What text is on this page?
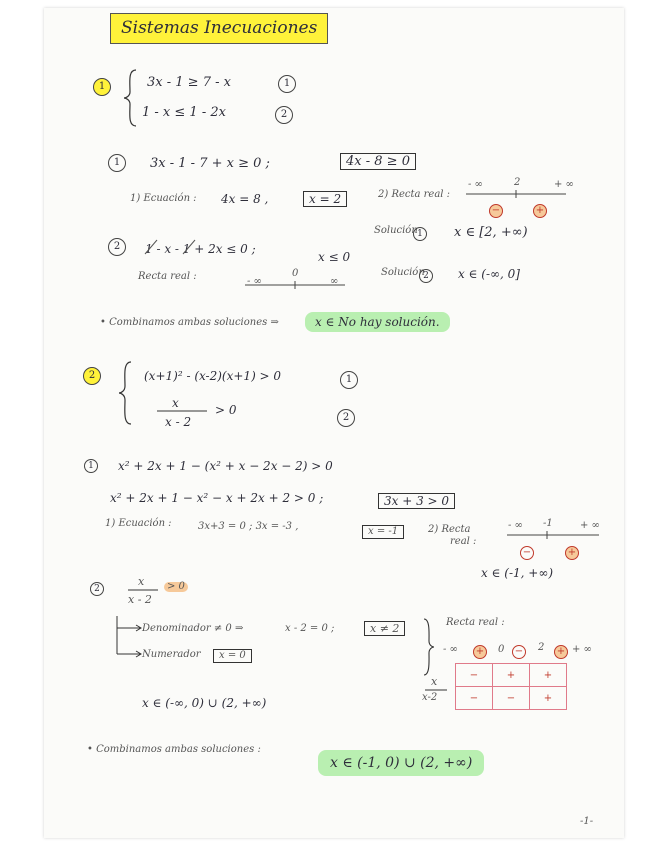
Sistemas Inecuaciones
1	3x - 1 ≥ 7 - x	1
1 - x ≤ 1 - 2x	2
1	3x - 1 - 7 + x ≥ 0 ;	4x - 8 ≥ 0
1) Ecuación : 4x = 8 ,	x = 2	2) Recta real :
- ∞	2	+ ∞
−	+
Solución 1	x ∈ [2, +∞)
2	1 - x - 1 + 2x ≤ 0 ;
x ≤ 0
Recta real :	- ∞
0
∞
Solución
2	x ∈ (-∞, 0]
• Combinamos ambas soluciones ⇒	x ∈ No hay solución.
2	(x+1)² - (x-2)(x+1) > 0	1
x
x - 2
> 0
2
1	x² + 2x + 1 − (x² + x − 2x − 2) > 0
x² + 2x + 1 − x² − x + 2x + 2 > 0 ;	3x + 3 > 0
1) Ecuación :	3x+3 = 0 ; 3x = -3 ,	x = -1	2) Recta
real :
- ∞ -1	+ ∞
−	+
x ∈ (-1, +∞)
2
x
x - 2
> 0
Denominador ≠ 0 ⇒	x - 2 = 0 ;	x ≠ 2
Numerador	x = 0
Recta real :
- ∞ + 0 − 2 + + ∞
x
x-2
−	+	+
−	−	+
x ∈ (-∞, 0) ∪ (2, +∞)
• Combinamos ambas soluciones :
x ∈ (-1, 0) ∪ (2, +∞)
-1-
